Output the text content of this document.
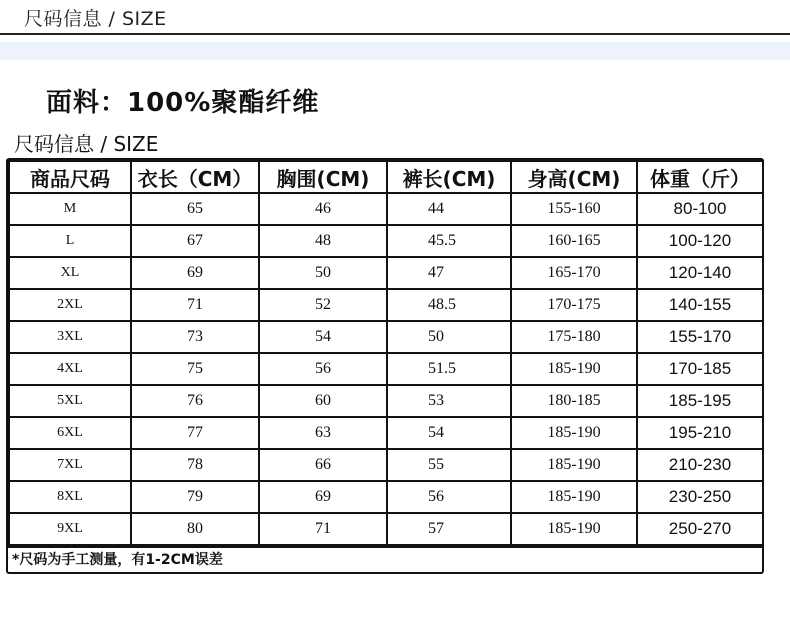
尺码信息 / SIZE
面料：100%聚酯纤维
尺码信息 / SIZE
商品尺码	衣长（CM）	胸围(CM)	裤长(CM)	身高(CM)	体重（斤）
M	65	46	44	155-160	80-100
L	67	48	45.5	160-165	100-120
XL	69	50	47	165-170	120-140
2XL	71	52	48.5	170-175	140-155
3XL	73	54	50	175-180	155-170
4XL	75	56	51.5	185-190	170-185
5XL	76	60	53	180-185	185-195
6XL	77	63	54	185-190	195-210
7XL	78	66	55	185-190	210-230
8XL	79	69	56	185-190	230-250
9XL	80	71	57	185-190	250-270
*尺码为手工测量，有1-2CM误差
